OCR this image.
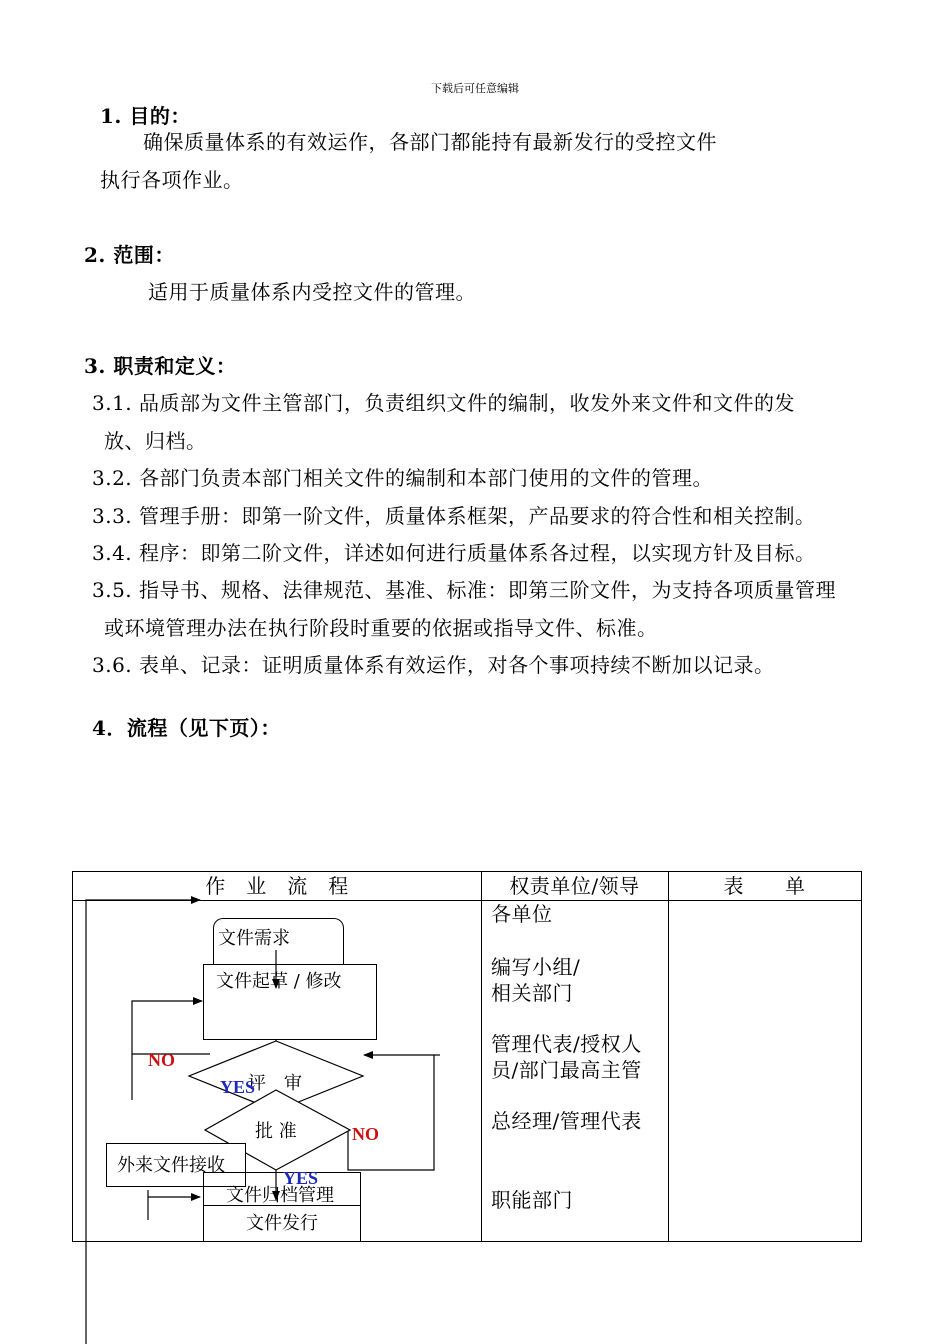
下载后可任意编辑
1. 目的：
确保质量体系的有效运作，各部门都能持有最新发行的受控文件
执行各项作业。
2. 范围：
适用于质量体系内受控文件的管理。
3. 职责和定义：
3.1. 品质部为文件主管部门，负责组织文件的编制，收发外来文件和文件的发
放、归档。
3.2. 各部门负责本部门相关文件的编制和本部门使用的文件的管理。
3.3. 管理手册：即第一阶文件，质量体系框架，产品要求的符合性和相关控制。
3.4. 程序：即第二阶文件，详述如何进行质量体系各过程，以实现方针及目标。
3.5. 指导书、规格、法律规范、基准、标准：即第三阶文件，为支持各项质量管理
或环境管理办法在执行阶段时重要的依据或指导文件、标准。
3.6. 表单、记录：证明质量体系有效运作，对各个事项持续不断加以记录。
4．流程（见下页）：
作　业　流　程	权责单位/领导	表　　单
各单位
编写小组/
相关部门
管理代表/授权人
员/部门最高主管
总经理/管理代表
职能部门
文件需求
文件起草 / 修改
评　审
批 准
外来文件接收
文件归档管理
文件发行
NO
YES
NO
YES
